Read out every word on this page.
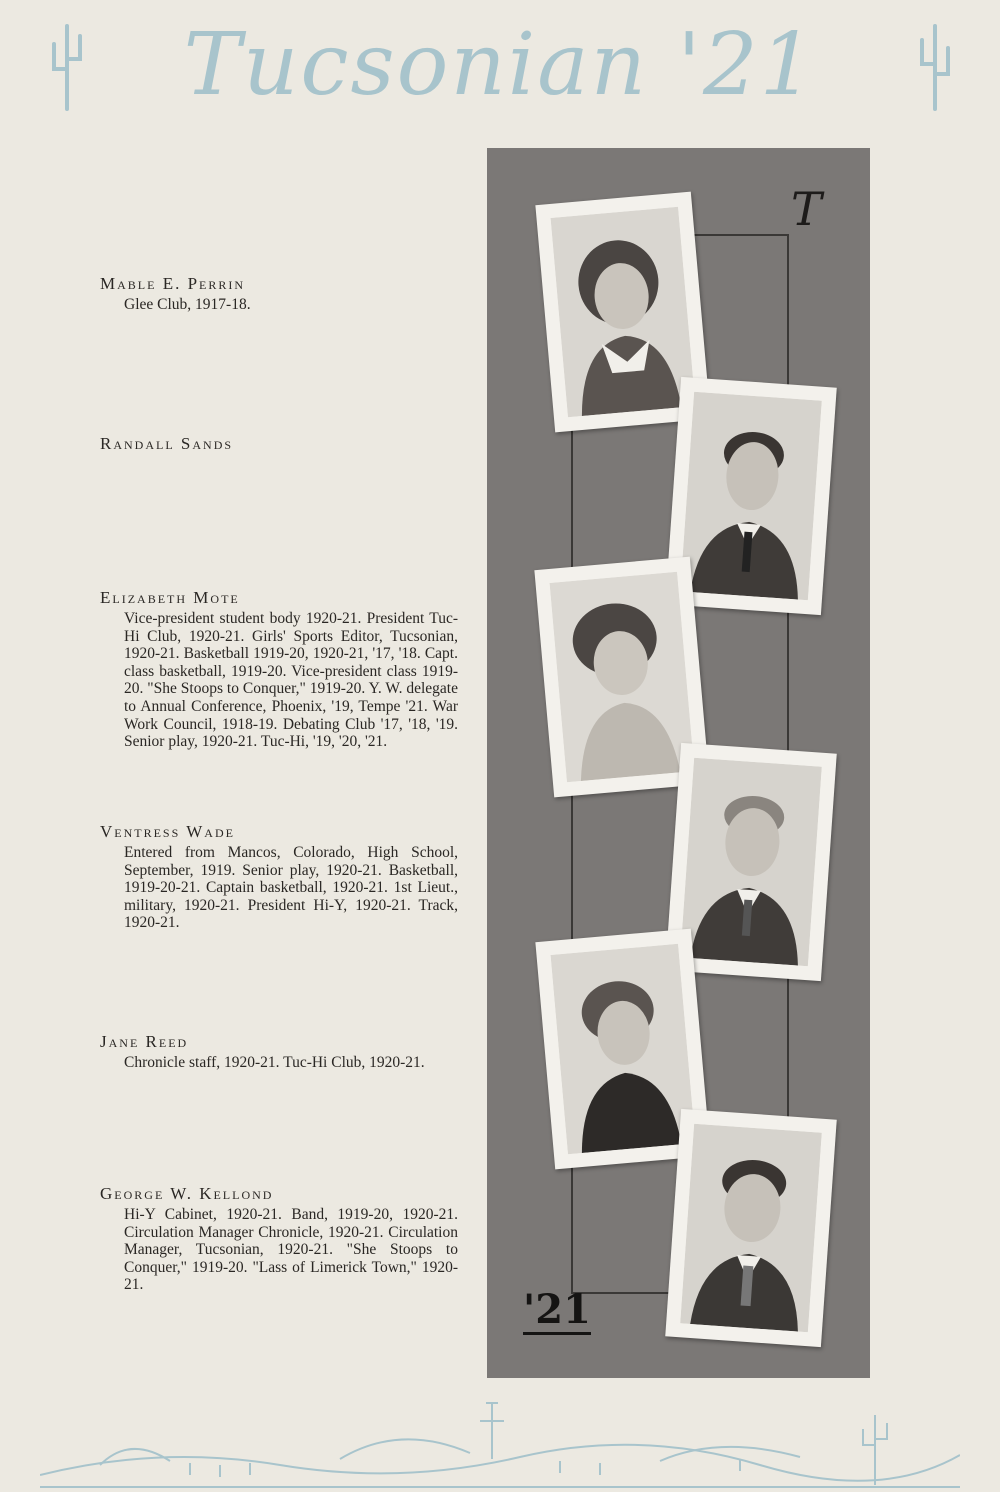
Tucsonian '21
Mable E. Perrin

Glee Club, 1917-18.

Randall Sands
Elizabeth Mote

Vice-president student body 1920-21. President Tuc-Hi Club, 1920-21. Girls' Sports Editor, Tucsonian, 1920-21. Basketball 1919-20, 1920-21, '17, '18. Capt. class basketball, 1919-20. Vice-president class 1919-20. "She Stoops to Conquer," 1919-20. Y. W. delegate to Annual Conference, Phoenix, '19, Tempe '21. War Work Council, 1918-19. Debating Club '17, '18, '19. Senior play, 1920-21. Tuc-Hi, '19, '20, '21.

Ventress Wade

Entered from Mancos, Colorado, High School, September, 1919. Senior play, 1920-21. Basketball, 1919-20-21. Captain basketball, 1920-21. 1st Lieut., military, 1920-21. President Hi-Y, 1920-21. Track, 1920-21.

Jane Reed

Chronicle staff, 1920-21. Tuc-Hi Club, 1920-21.

George W. Kellond

Hi-Y Cabinet, 1920-21. Band, 1919-20, 1920-21. Circulation Manager Chronicle, 1920-21. Circulation Manager, Tucsonian, 1920-21. "She Stoops to Conquer," 1919-20. "Lass of Limerick Town," 1920-21.

T
'21
